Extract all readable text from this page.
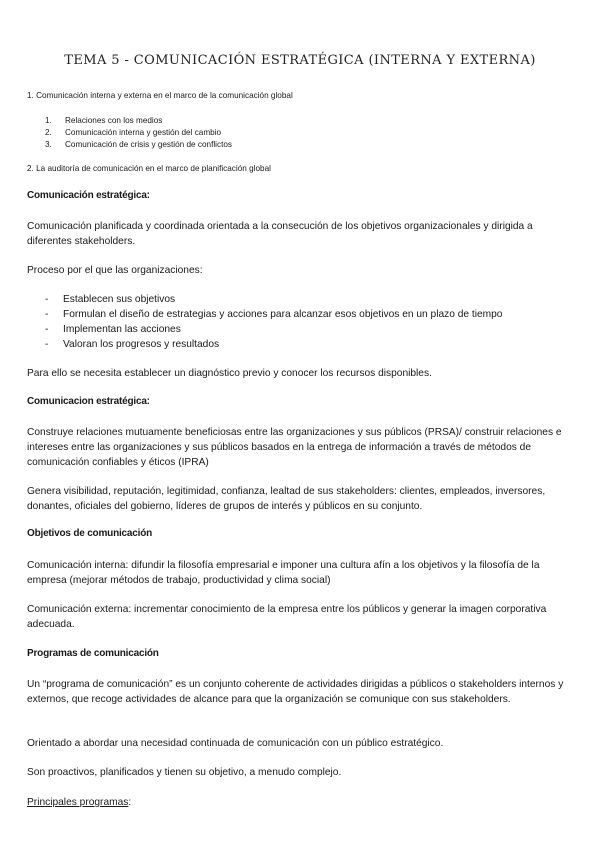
TEMA 5 - COMUNICACIÓN ESTRATÉGICA (INTERNA Y EXTERNA)
1. Comunicación interna y externa en el marco de la comunicación global
1. Relaciones con los medios
2. Comunicación interna y gestión del cambio
3. Comunicación de crisis y gestión de conflictos
2. La auditoría de comunicación en el marco de planificación global
Comunicación estratégica:
Comunicación planificada y coordinada orientada a la consecución de los objetivos organizacionales y dirigida a diferentes stakeholders.
Proceso por el que las organizaciones:
- Establecen sus objetivos
- Formulan el diseño de estrategias y acciones para alcanzar esos objetivos en un plazo de tiempo
- Implementan las acciones
- Valoran los progresos y resultados
Para ello se necesita establecer un diagnóstico previo y conocer los recursos disponibles.
Comunicacion estratégica:
Construye relaciones mutuamente beneficiosas entre las organizaciones y sus públicos (PRSA)/ construir relaciones e intereses entre las organizaciones y sus públicos basados en la entrega de información a través de métodos de comunicación confiables y éticos (IPRA)
Genera visibilidad, reputación, legitimidad, confianza, lealtad de sus stakeholders: clientes, empleados, inversores, donantes, oficiales del gobierno, líderes de grupos de interés y públicos en su conjunto.
Objetivos de comunicación
Comunicación interna: difundir la filosofía empresarial e imponer una cultura afín a los objetivos y la filosofía de la empresa (mejorar métodos de trabajo, productividad y clima social)
Comunicación externa: incrementar conocimiento de la empresa entre los públicos y generar la imagen corporativa adecuada.
Programas de comunicación
Un “programa de comunicación” es un conjunto coherente de actividades dirigidas a públicos o stakeholders internos y externos, que recoge actividades de alcance para que la organización se comunique con sus stakeholders.
Orientado a abordar una necesidad continuada de comunicación con un público estratégico.
Son proactivos, planificados y tienen su objetivo, a menudo complejo.
Principales programas:
